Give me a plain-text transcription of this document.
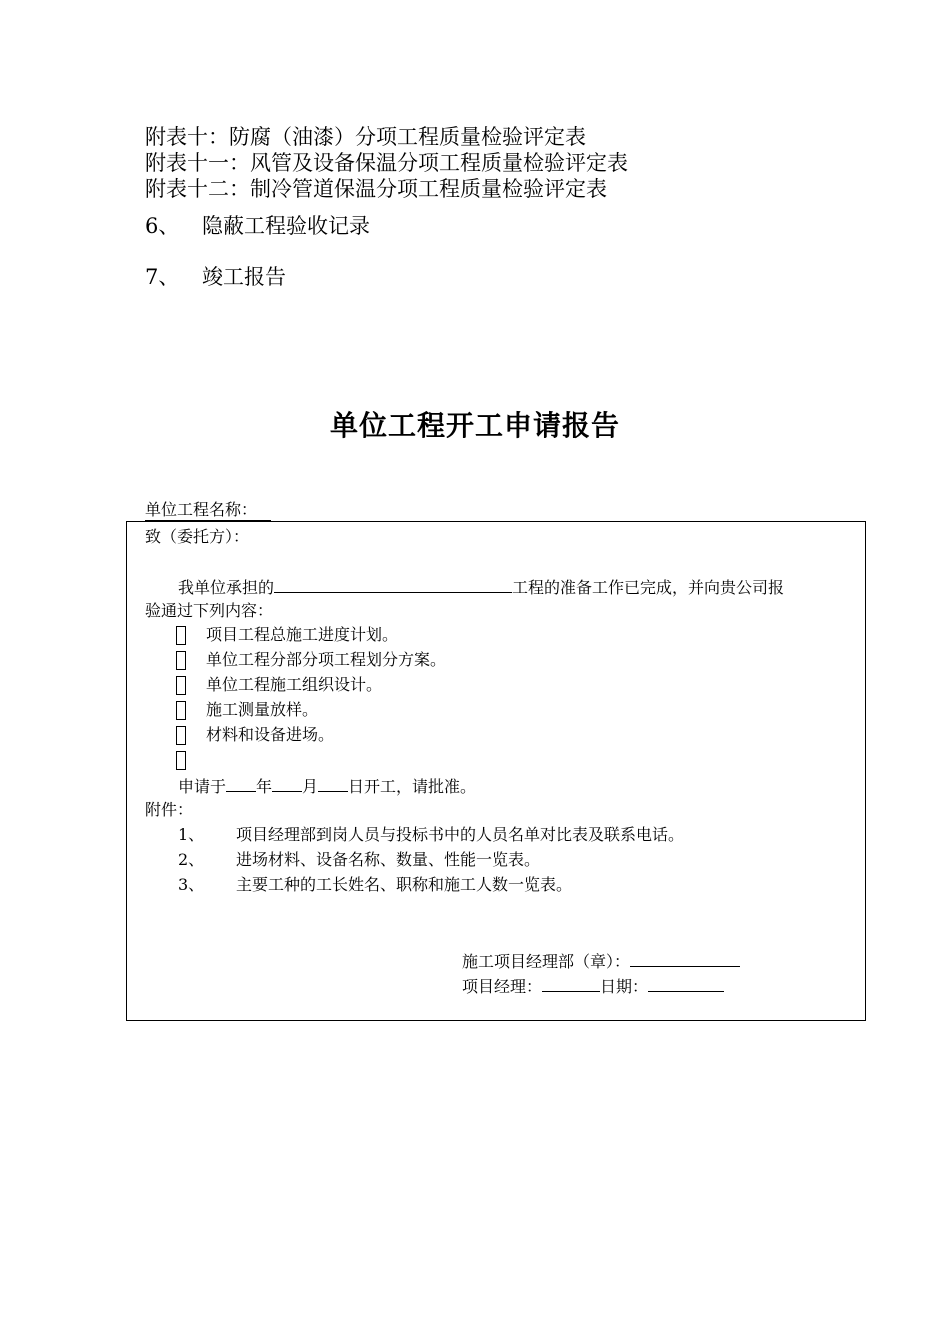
附表十：防腐（油漆）分项工程质量检验评定表
附表十一：风管及设备保温分项工程质量检验评定表
附表十二：制冷管道保温分项工程质量检验评定表
6、 隐蔽工程验收记录
7、 竣工报告
单位工程开工申请报告
单位工程名称：
致（委托方）：
我单位承担的	工程的准备工作已完成，并向贵公司报
验通过下列内容：
项目工程总施工进度计划。
单位工程分部分项工程划分方案。
单位工程施工组织设计。
施工测量放样。
材料和设备进场。
申请于 年 月 日开工，请批准。
附件：
1、 项目经理部到岗人员与投标书中的人员名单对比表及联系电话。
2、 进场材料、设备名称、数量、性能一览表。
3、 主要工种的工长姓名、职称和施工人数一览表。
施工项目经理部（章）：
项目经理：	日期：
